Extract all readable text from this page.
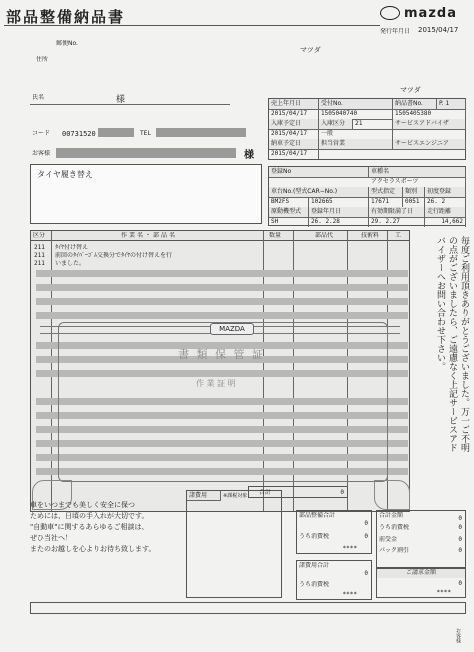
部品整備納品書	mazda
発行年月日 2015/04/17
郵便No.
住所
マツダ
マツダ
氏名	様
コード 00731520	TEL
お客様	様
売上年月日	受付No.	納品書No.	P. 1
2015/04/17	1505040740	1505405380
入庫予定日	入庫区分	21	サービスアドバイザ
2015/04/17	一般
納車予定日	担当営業	サービスエンジニア
2015/04/17
タイヤ履き替え	登録No	車種名
アクセラスポーツ
車台No.(型式CAR−No.)	型式指定	類別	初度登録
BM2FS	102665	17671	0051	26. 2
原動機型式	登録年月日	有効期限満了日	走行距離
SH	26. 2.28	29. 2.27	14,662
区分	作業名・部品名	数量	部品代	技術料	工
211 ﾀｲﾔ付け替え
211 前回のﾀｲﾊﾞｰｺﾞﾑ交換分でﾀｲﾔの付け替えを行
211 いました。
MAZDA
書 類 保 管 証
作 業 証 明	毎度ご利用頂きありがとうございました。万一ご不明の点がございましたら、ご遠慮なく上記サービスアドバイザーへお問い合わせ下さい。
車をいつまでも美しく安全に保つ
ためには、日頃の手入れが大切です。
"自動車"に関するあらゆるご相談は、
ぜひ当社へ！
またのお越しを心よりお待ち致します。
諸費用	※課税対象 合計	0
部品整備合計
0
うち消費税	0
****
諸費用合計
0
うち消費税
****
合計金額	0
うち消費税	0
前受金	0
パック割引	0
ご請求金額
0
****
お客様
